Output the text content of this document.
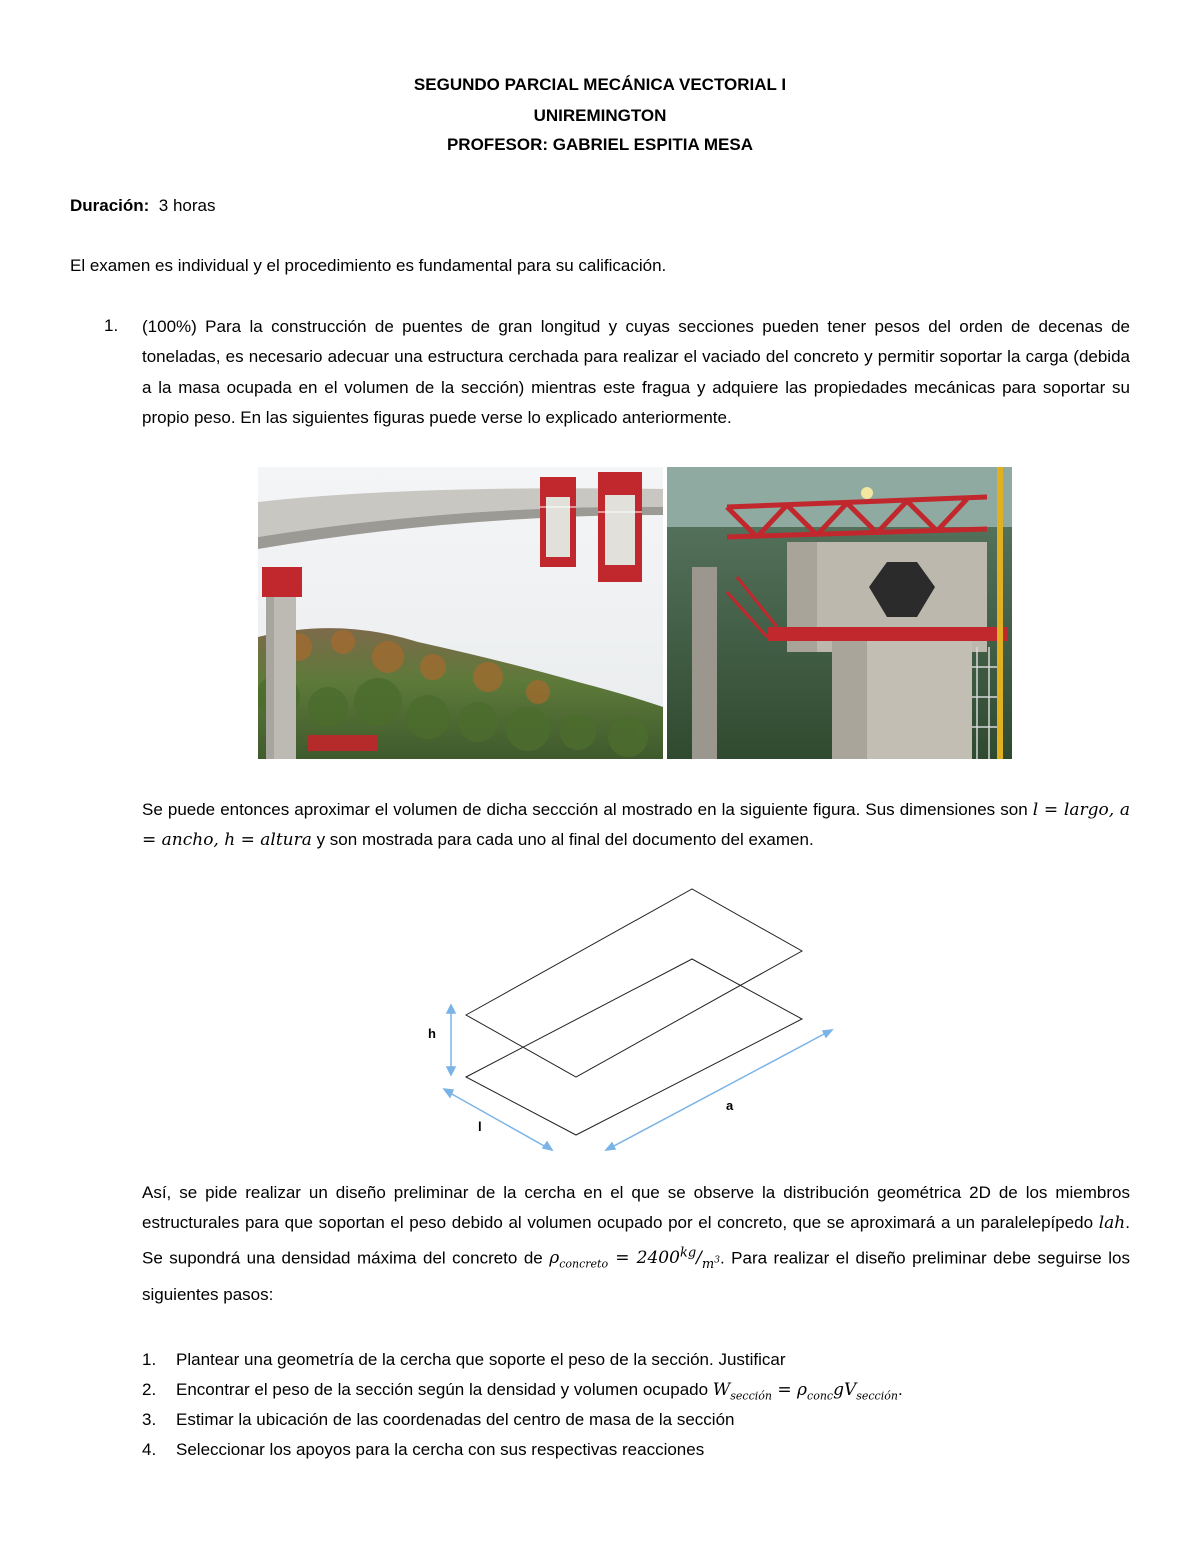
SEGUNDO PARCIAL MECÁNICA VECTORIAL I
UNIREMINGTON
PROFESOR: GABRIEL ESPITIA MESA
Duración: 3 horas
El examen es individual y el procedimiento es fundamental para su calificación.
1. (100%) Para la construcción de puentes de gran longitud y cuyas secciones pueden tener pesos del orden de decenas de toneladas, es necesario adecuar una estructura cerchada para realizar el vaciado del concreto y permitir soportar la carga (debida a la masa ocupada en el volumen de la sección) mientras este fragua y adquiere las propiedades mecánicas para soportar su propio peso. En las siguientes figuras puede verse lo explicado anteriormente.
Se puede entonces aproximar el volumen de dicha seccción al mostrado en la siguiente figura. Sus dimensiones son l = largo, a = ancho, h = altura y son mostrada para cada uno al final del documento del examen.
h
a
l
Así, se pide realizar un diseño preliminar de la cercha en el que se observe la distribución geométrica 2D de los miembros estructurales para que soportan el peso debido al volumen ocupado por el concreto, que se aproximará a un paralelepípedo lah. Se supondrá una densidad máxima del concreto de $\rho_{concreto} = 2400^{kg}/_{m^3}$. Para realizar el diseño preliminar debe seguirse los siguientes pasos:
1. Plantear una geometría de la cercha que soporte el peso de la sección. Justificar
2. Encontrar el peso de la sección según la densidad y volumen ocupado $W_{sección} = \rho_{conc}gV_{sección}$.
3. Estimar la ubicación de las coordenadas del centro de masa de la sección
4. Seleccionar los apoyos para la cercha con sus respectivas reacciones
